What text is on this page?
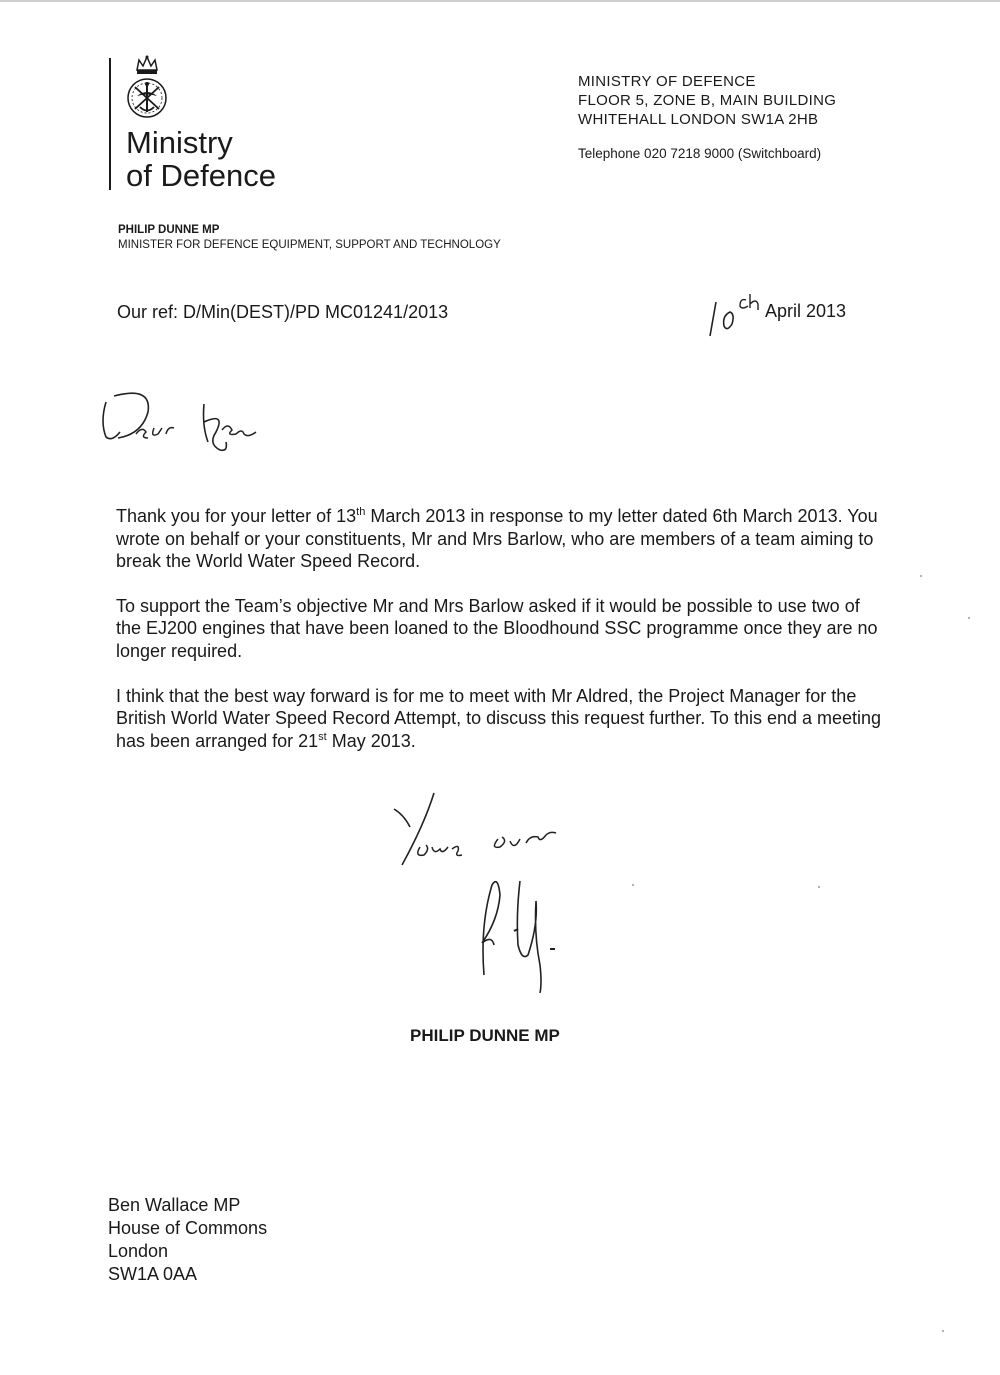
Ministry
of Defence
MINISTRY OF DEFENCE
FLOOR 5, ZONE B, MAIN BUILDING
WHITEHALL LONDON SW1A 2HB
Telephone 020 7218 9000 (Switchboard)
PHILIP DUNNE MP
MINISTER FOR DEFENCE EQUIPMENT, SUPPORT AND TECHNOLOGY
Our ref: D/Min(DEST)/PD MC01241/2013	April 2013

Thank you for your letter of 13th March 2013 in response to my letter dated 6th March 2013. You wrote on behalf or your constituents, Mr and Mrs Barlow, who are members of a team aiming to break the World Water Speed Record.

To support the Team’s objective Mr and Mrs Barlow asked if it would be possible to use two of the EJ200 engines that have been loaned to the Bloodhound SSC programme once they are no longer required.

I think that the best way forward is for me to meet with Mr Aldred, the Project Manager for the British World Water Speed Record Attempt, to discuss this request further. To this end a meeting has been arranged for 21st May 2013.

PHILIP DUNNE MP
Ben Wallace MP
House of Commons
London
SW1A 0AA
